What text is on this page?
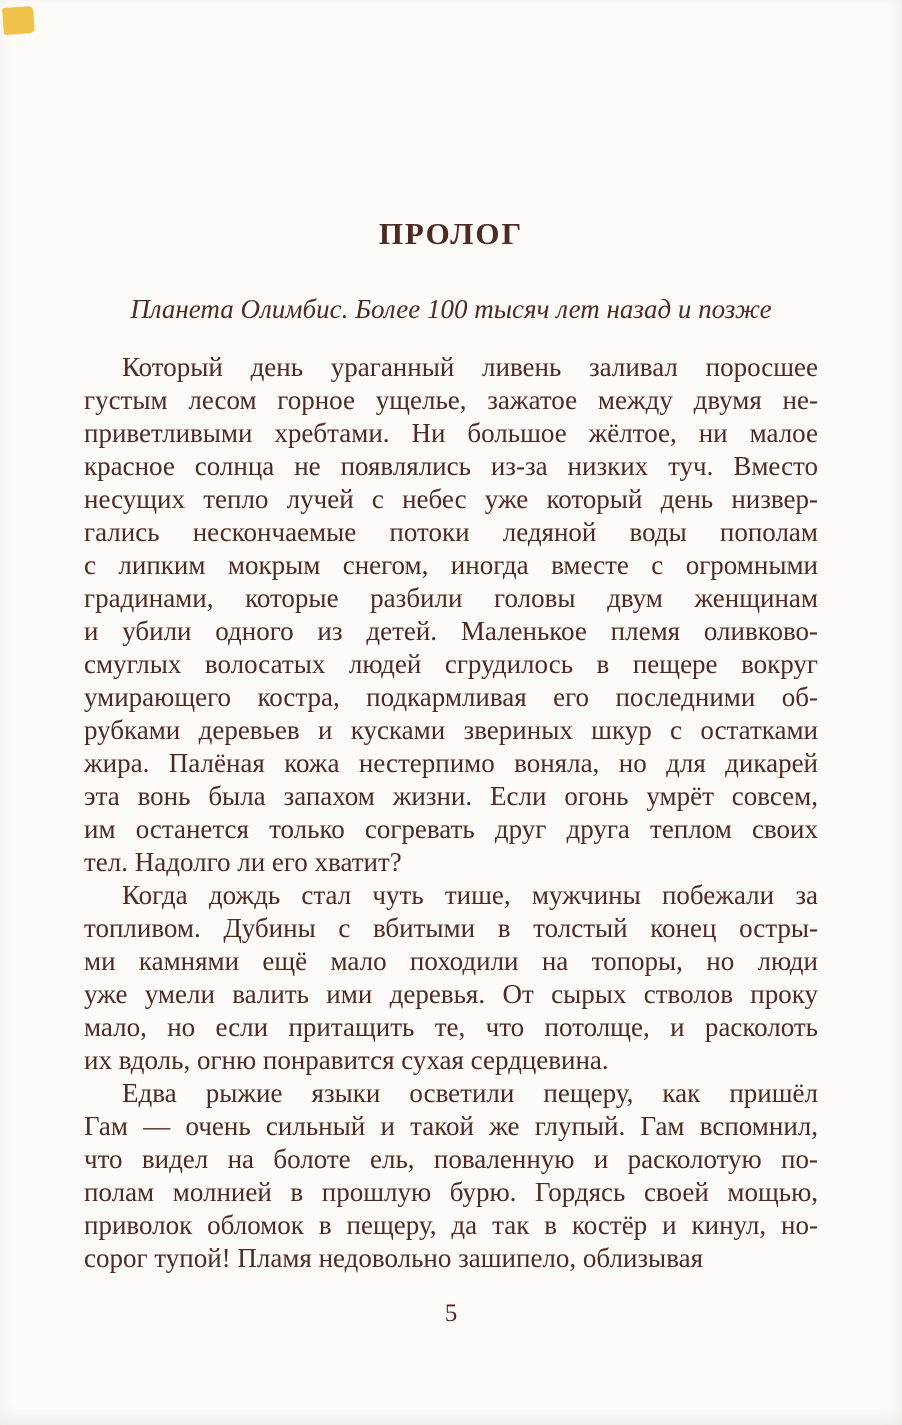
ПРОЛОГ
Планета Олимбис. Более 100 тысяч лет назад и позже
Который день ураганный ливень заливал поросшее
густым лесом горное ущелье, зажатое между двумя не-
приветливыми хребтами. Ни большое жёлтое, ни малое
красное солнца не появлялись из-за низких туч. Вместо
несущих тепло лучей с небес уже который день низвер-
гались нескончаемые потоки ледяной воды пополам
с липким мокрым снегом, иногда вместе с огромными
градинами, которые разбили головы двум женщинам
и убили одного из детей. Маленькое племя оливково-
смуглых волосатых людей сгрудилось в пещере вокруг
умирающего костра, подкармливая его последними об-
рубками деревьев и кусками звериных шкур с остатками
жира. Палёная кожа нестерпимо воняла, но для дикарей
эта вонь была запахом жизни. Если огонь умрёт совсем,
им останется только согревать друг друга теплом своих
тел. Надолго ли его хватит?
Когда дождь стал чуть тише, мужчины побежали за
топливом. Дубины с вбитыми в толстый конец остры-
ми камнями ещё мало походили на топоры, но люди
уже умели валить ими деревья. От сырых стволов проку
мало, но если притащить те, что потолще, и расколоть
их вдоль, огню понравится сухая сердцевина.
Едва рыжие языки осветили пещеру, как пришёл
Гам — очень сильный и такой же глупый. Гам вспомнил,
что видел на болоте ель, поваленную и расколотую по-
полам молнией в прошлую бурю. Гордясь своей мощью,
приволок обломок в пещеру, да так в костёр и кинул, но-
сорог тупой! Пламя недовольно зашипело, облизывая
5
